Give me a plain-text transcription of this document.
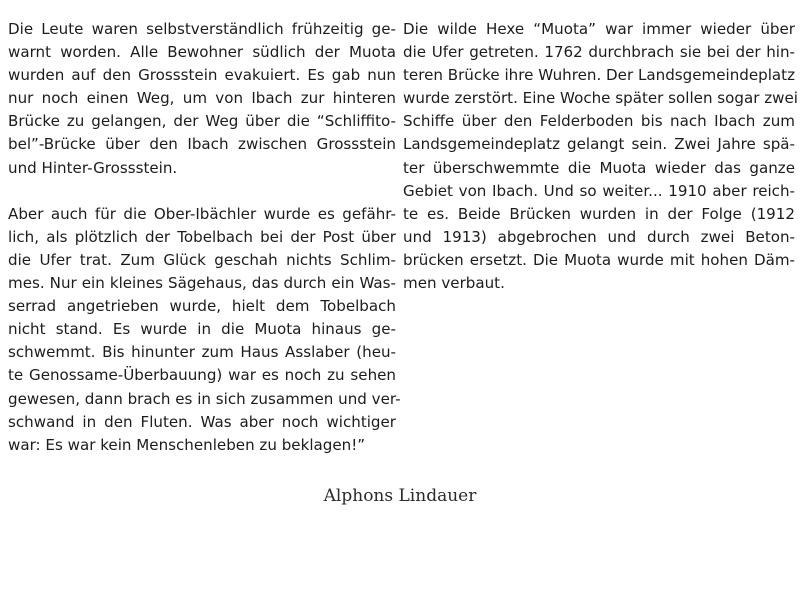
Die Leute waren selbstverständlich frühzeitig ge-
warnt worden. Alle Bewohner südlich der Muota
wurden auf den Grossstein evakuiert. Es gab nun
nur noch einen Weg, um von Ibach zur hinteren
Brücke zu gelangen, der Weg über die “Schliffito-
bel”-Brücke über den Ibach zwischen Grossstein
und Hinter-Grossstein.
Aber auch für die Ober-Ibächler wurde es gefähr-
lich, als plötzlich der Tobelbach bei der Post über
die Ufer trat. Zum Glück geschah nichts Schlim-
mes. Nur ein kleines Sägehaus, das durch ein Was-
serrad angetrieben wurde, hielt dem Tobelbach
nicht stand. Es wurde in die Muota hinaus ge-
schwemmt. Bis hinunter zum Haus Asslaber (heu-
te Genossame-Überbauung) war es noch zu sehen
gewesen, dann brach es in sich zusammen und ver-
schwand in den Fluten. Was aber noch wichtiger
war: Es war kein Menschenleben zu beklagen!”
Die wilde Hexe “Muota” war immer wieder über
die Ufer getreten. 1762 durchbrach sie bei der hin-
teren Brücke ihre Wuhren. Der Landsgemeindeplatz
wurde zerstört. Eine Woche später sollen sogar zwei
Schiffe über den Felderboden bis nach Ibach zum
Landsgemeindeplatz gelangt sein. Zwei Jahre spä-
ter überschwemmte die Muota wieder das ganze
Gebiet von Ibach. Und so weiter... 1910 aber reich-
te es. Beide Brücken wurden in der Folge (1912
und 1913) abgebrochen und durch zwei Beton-
brücken ersetzt. Die Muota wurde mit hohen Däm-
men verbaut.
Alphons Lindauer
